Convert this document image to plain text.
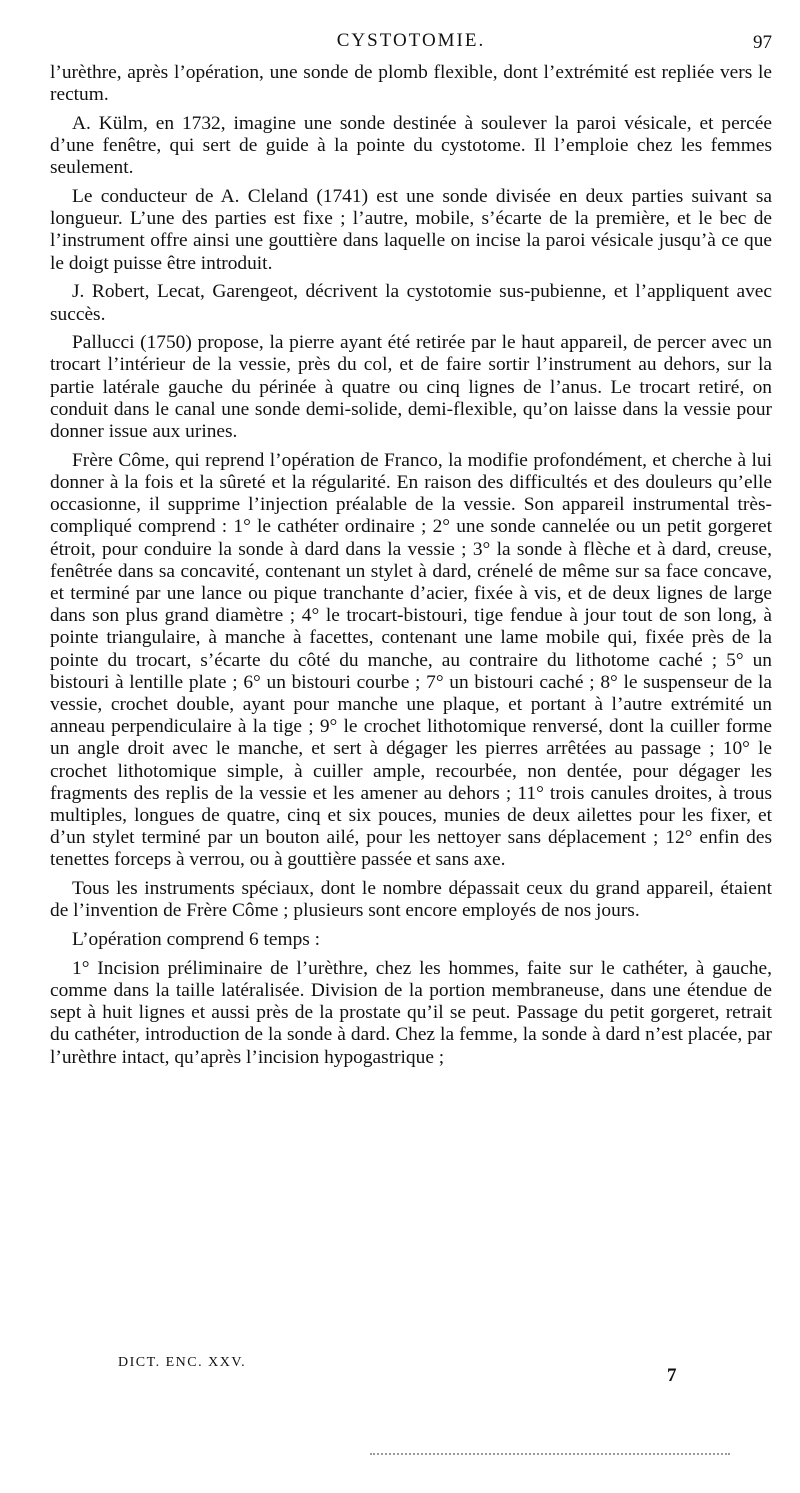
CYSTOTOMIE.	97

l’urèthre, après l’opération, une sonde de plomb flexible, dont l’extrémité est repliée vers le rectum.

A. Külm, en 1732, imagine une sonde destinée à soulever la paroi vésicale, et percée d’une fenêtre, qui sert de guide à la pointe du cystotome. Il l’emploie chez les femmes seulement.

Le conducteur de A. Cleland (1741) est une sonde divisée en deux parties suivant sa longueur. L’une des parties est fixe ; l’autre, mobile, s’écarte de la première, et le bec de l’instrument offre ainsi une gouttière dans laquelle on incise la paroi vésicale jusqu’à ce que le doigt puisse être introduit.

J. Robert, Lecat, Garengeot, décrivent la cystotomie sus-pubienne, et l’appliquent avec succès.

Pallucci (1750) propose, la pierre ayant été retirée par le haut appareil, de percer avec un trocart l’intérieur de la vessie, près du col, et de faire sortir l’instrument au dehors, sur la partie latérale gauche du périnée à quatre ou cinq lignes de l’anus. Le trocart retiré, on conduit dans le canal une sonde demi-solide, demi-flexible, qu’on laisse dans la vessie pour donner issue aux urines.

Frère Côme, qui reprend l’opération de Franco, la modifie profondément, et cherche à lui donner à la fois et la sûreté et la régularité. En raison des difficultés et des douleurs qu’elle occasionne, il supprime l’injection préalable de la vessie. Son appareil instrumental très-compliqué comprend : 1° le cathéter ordinaire ; 2° une sonde cannelée ou un petit gorgeret étroit, pour conduire la sonde à dard dans la vessie ; 3° la sonde à flèche et à dard, creuse, fenêtrée dans sa concavité, contenant un stylet à dard, crénelé de même sur sa face concave, et terminé par une lance ou pique tranchante d’acier, fixée à vis, et de deux lignes de large dans son plus grand diamètre ; 4° le trocart-bistouri, tige fendue à jour tout de son long, à pointe triangulaire, à manche à facettes, contenant une lame mobile qui, fixée près de la pointe du trocart, s’écarte du côté du manche, au contraire du lithotome caché ; 5° un bistouri à lentille plate ; 6° un bistouri courbe ; 7° un bistouri caché ; 8° le suspenseur de la vessie, crochet double, ayant pour manche une plaque, et portant à l’autre extrémité un anneau perpendiculaire à la tige ; 9° le crochet lithotomique renversé, dont la cuiller forme un angle droit avec le manche, et sert à dégager les pierres arrêtées au passage ; 10° le crochet lithotomique simple, à cuiller ample, recourbée, non dentée, pour dégager les fragments des replis de la vessie et les amener au dehors ; 11° trois canules droites, à trous multiples, longues de quatre, cinq et six pouces, munies de deux ailettes pour les fixer, et d’un stylet terminé par un bouton ailé, pour les nettoyer sans déplacement ; 12° enfin des tenettes forceps à verrou, ou à gouttière passée et sans axe.

Tous les instruments spéciaux, dont le nombre dépassait ceux du grand appareil, étaient de l’invention de Frère Côme ; plusieurs sont encore employés de nos jours.

L’opération comprend 6 temps :

1° Incision préliminaire de l’urèthre, chez les hommes, faite sur le cathéter, à gauche, comme dans la taille latéralisée. Division de la portion membraneuse, dans une étendue de sept à huit lignes et aussi près de la prostate qu’il se peut. Passage du petit gorgeret, retrait du cathéter, introduction de la sonde à dard. Chez la femme, la sonde à dard n’est placée, par l’urèthre intact, qu’après l’incision hypogastrique ;

DICT. ENC. XXV.
7
